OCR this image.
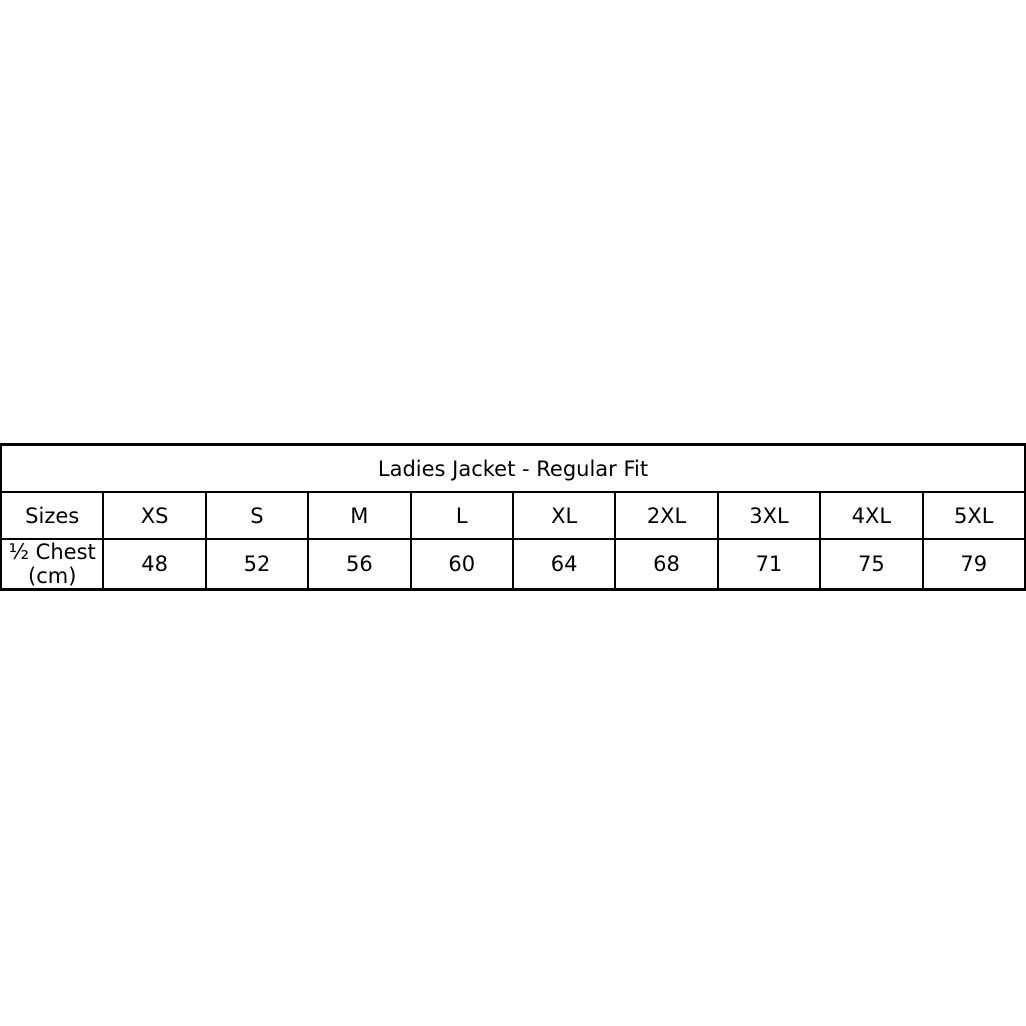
Ladies Jacket - Regular Fit									
Sizes	XS	S	M	L	XL	2XL	3XL	4XL	5XL
½ Chest (cm)	48	52	56	60	64	68	71	75	79
